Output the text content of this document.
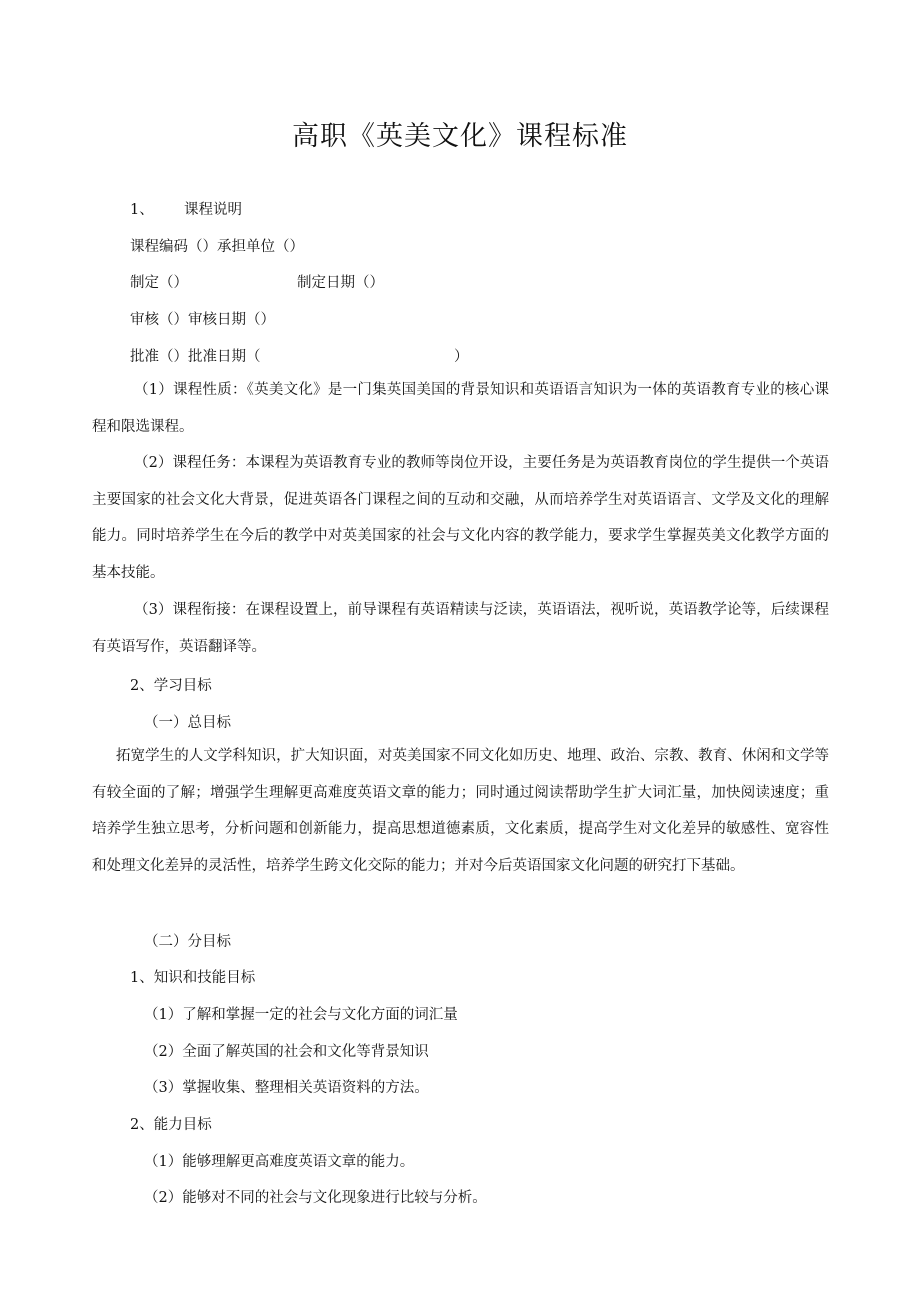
高职《英美文化》课程标准
1、 课程说明
课程编码（）承担单位（）
制定（）	制定日期（）
审核（）审核日期（）
批准（）批准日期（	）
（1）课程性质：《英美文化》是一门集英国美国的背景知识和英语语言知识为一体的英语教育专业的核心课程和限选课程。
（2）课程任务：本课程为英语教育专业的教师等岗位开设，主要任务是为英语教育岗位的学生提供一个英语主要国家的社会文化大背景，促进英语各门课程之间的互动和交融，从而培养学生对英语语言、文学及文化的理解能力。同时培养学生在今后的教学中对英美国家的社会与文化内容的教学能力，要求学生掌握英美文化教学方面的基本技能。
（3）课程衔接：在课程设置上，前导课程有英语精读与泛读，英语语法，视听说，英语教学论等，后续课程有英语写作，英语翻译等。
2、学习目标
（一）总目标
拓宽学生的人文学科知识，扩大知识面，对英美国家不同文化如历史、地理、政治、宗教、教育、休闲和文学等有较全面的了解；增强学生理解更高难度英语文章的能力；同时通过阅读帮助学生扩大词汇量，加快阅读速度；重培养学生独立思考，分析问题和创新能力，提高思想道德素质，文化素质，提高学生对文化差异的敏感性、宽容性和处理文化差异的灵活性，培养学生跨文化交际的能力；并对今后英语国家文化问题的研究打下基础。
（二）分目标
1、知识和技能目标
（1）了解和掌握一定的社会与文化方面的词汇量
（2）全面了解英国的社会和文化等背景知识
（3）掌握收集、整理相关英语资料的方法。
2、能力目标
（1）能够理解更高难度英语文章的能力。
（2）能够对不同的社会与文化现象进行比较与分析。
